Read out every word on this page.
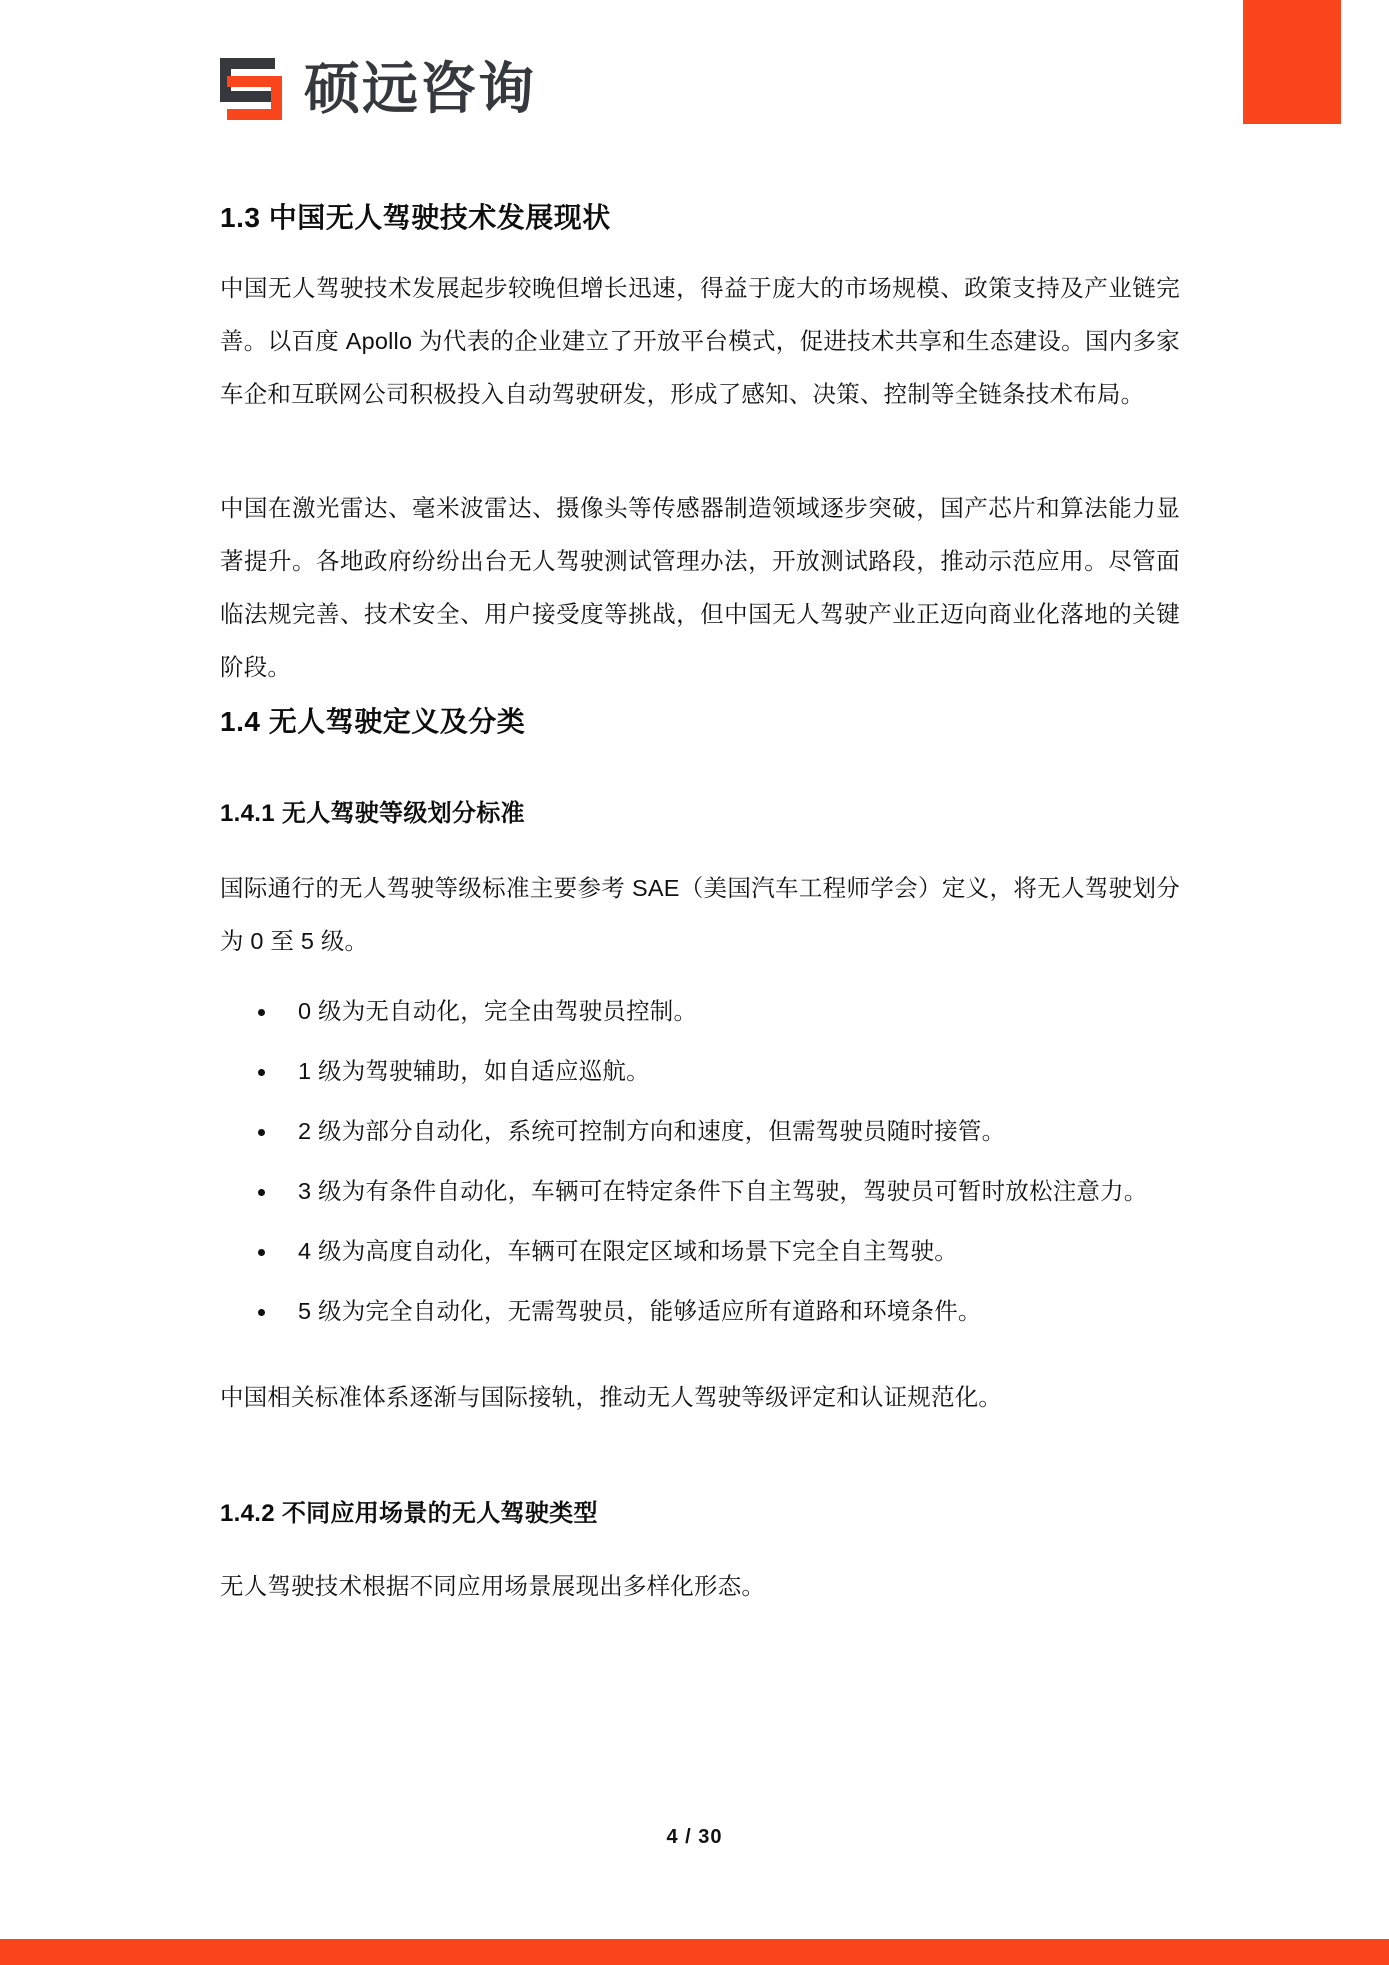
硕远咨询
1.3 中国无人驾驶技术发展现状

中国无人驾驶技术发展起步较晚但增长迅速，得益于庞大的市场规模、政策支持及产业链完善。以百度 Apollo 为代表的企业建立了开放平台模式，促进技术共享和生态建设。国内多家车企和互联网公司积极投入自动驾驶研发，形成了感知、决策、控制等全链条技术布局。

中国在激光雷达、毫米波雷达、摄像头等传感器制造领域逐步突破，国产芯片和算法能力显著提升。各地政府纷纷出台无人驾驶测试管理办法，开放测试路段，推动示范应用。尽管面临法规完善、技术安全、用户接受度等挑战，但中国无人驾驶产业正迈向商业化落地的关键阶段。

1.4 无人驾驶定义及分类
1.4.1 无人驾驶等级划分标准

国际通行的无人驾驶等级标准主要参考 SAE（美国汽车工程师学会）定义，将无人驾驶划分为 0 至 5 级。

0 级为无自动化，完全由驾驶员控制。
1 级为驾驶辅助，如自适应巡航。
2 级为部分自动化，系统可控制方向和速度，但需驾驶员随时接管。
3 级为有条件自动化，车辆可在特定条件下自主驾驶，驾驶员可暂时放松注意力。
4 级为高度自动化，车辆可在限定区域和场景下完全自主驾驶。
5 级为完全自动化，无需驾驶员，能够适应所有道路和环境条件。

中国相关标准体系逐渐与国际接轨，推动无人驾驶等级评定和认证规范化。

1.4.2 不同应用场景的无人驾驶类型

无人驾驶技术根据不同应用场景展现出多样化形态。

4 / 30
